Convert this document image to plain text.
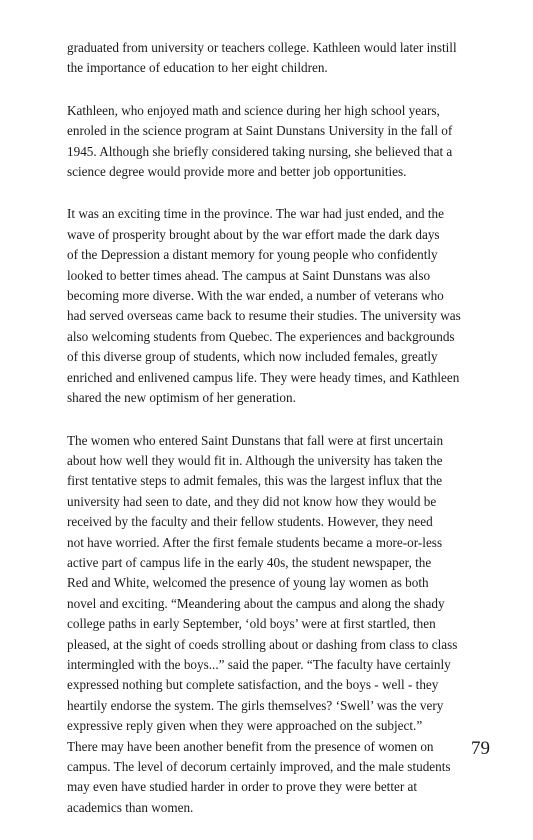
graduated from university or teachers college. Kathleen would later instill
the importance of education to her eight children.

Kathleen, who enjoyed math and science during her high school years,
enroled in the science program at Saint Dunstans University in the fall of
1945. Although she briefly considered taking nursing, she believed that a
science degree would provide more and better job opportunities.

It was an exciting time in the province. The war had just ended, and the
wave of prosperity brought about by the war effort made the dark days
of the Depression a distant memory for young people who confidently
looked to better times ahead. The campus at Saint Dunstans was also
becoming more diverse. With the war ended, a number of veterans who
had served overseas came back to resume their studies. The university was
also welcoming students from Quebec. The experiences and backgrounds
of this diverse group of students, which now included females, greatly
enriched and enlivened campus life. They were heady times, and Kathleen
shared the new optimism of her generation.

The women who entered Saint Dunstans that fall were at first uncertain
about how well they would fit in. Although the university has taken the
first tentative steps to admit females, this was the largest influx that the
university had seen to date, and they did not know how they would be
received by the faculty and their fellow students. However, they need
not have worried. After the first female students became a more-or-less
active part of campus life in the early 40s, the student newspaper, the
Red and White, welcomed the presence of young lay women as both
novel and exciting. “Meandering about the campus and along the shady
college paths in early September, ‘old boys’ were at first startled, then
pleased, at the sight of coeds strolling about or dashing from class to class
intermingled with the boys...” said the paper. “The faculty have certainly
expressed nothing but complete satisfaction, and the boys - well - they
heartily endorse the system. The girls themselves? ‘Swell’ was the very
expressive reply given when they were approached on the subject.”
There may have been another benefit from the presence of women on
campus. The level of decorum certainly improved, and the male students
may even have studied harder in order to prove they were better at
academics than women.

79
